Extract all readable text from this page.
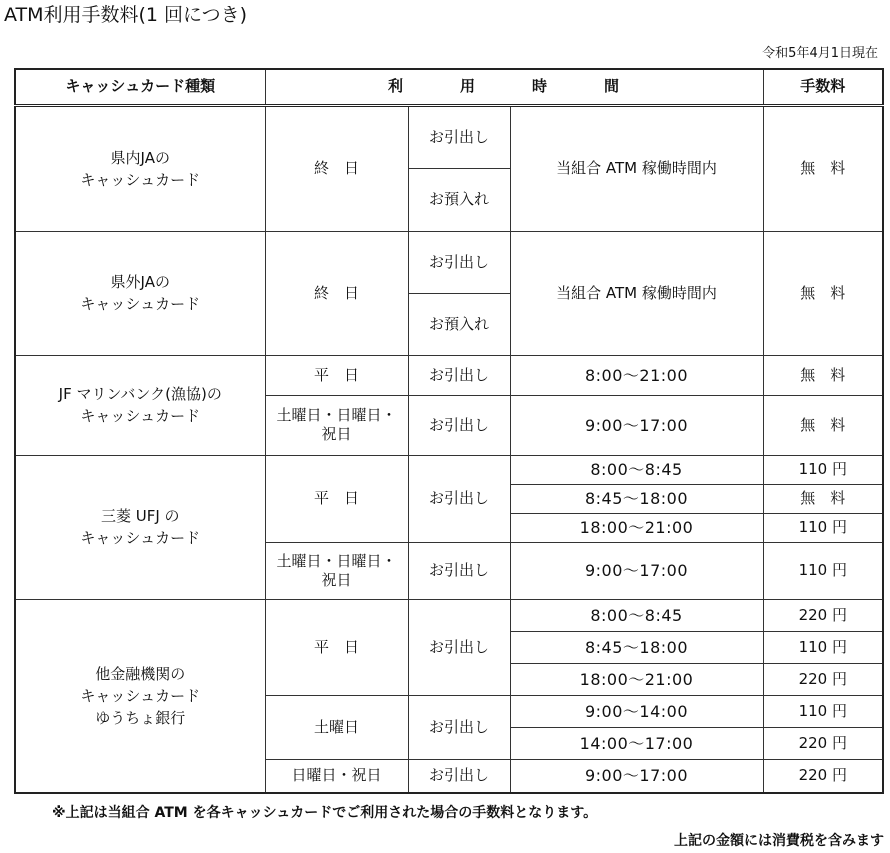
ATM利用手数料(1 回につき)
令和5年4月1日現在
キャッシュカード種類	利　用　時　間			手数料
県内JAの
キャッシュカード	終　日	お引出し	当組合 ATM 稼働時間内	無　料
		お預入れ		
県外JAの
キャッシュカード	終　日	お引出し	当組合 ATM 稼働時間内	無　料
		お預入れ		
JF マリンバンク(漁協)の
キャッシュカード	平　日	お引出し	8:00～21:00	無　料
	土曜日・日曜日・祝日	お引出し	9:00～17:00	無　料
三菱 UFJ の
キャッシュカード	平　日	お引出し	8:00～8:45	110 円
			8:45～18:00	無　料
			18:00～21:00	110 円
	土曜日・日曜日・祝日	お引出し	9:00～17:00	110 円
他金融機関の
キャッシュカード
ゆうちょ銀行	平　日	お引出し	8:00～8:45	220 円
			8:45～18:00	110 円
			18:00～21:00	220 円
	土曜日	お引出し	9:00～14:00	110 円
			14:00～17:00	220 円
	日曜日・祝日	お引出し	9:00～17:00	220 円
※上記は当組合 ATM を各キャッシュカードでご利用された場合の手数料となります。
上記の金額には消費税を含みます
